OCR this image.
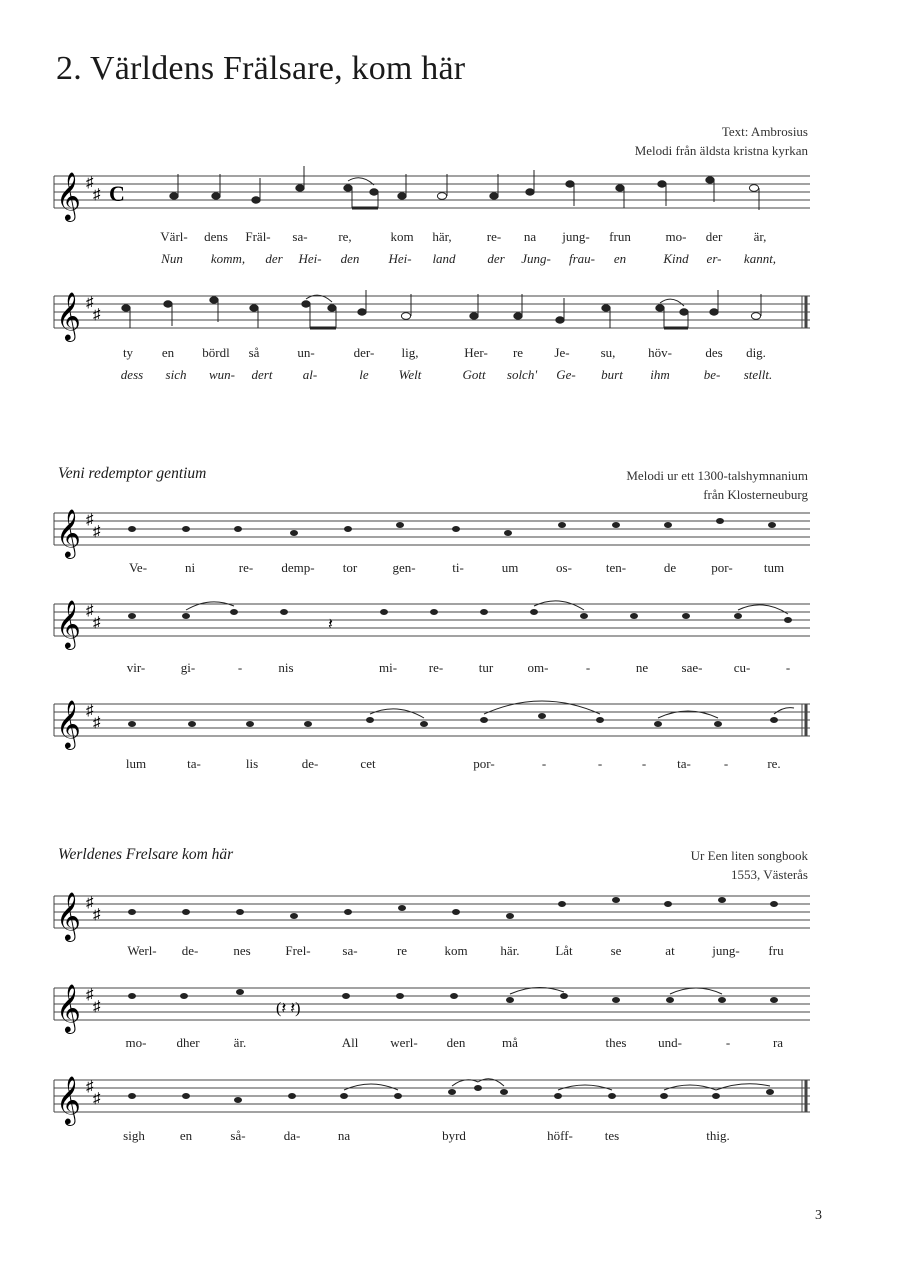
2. Världens Frälsare, kom här
Text: Ambrosius
Melodi från äldsta kristna kyrkan
𝄞 ♯
♯ C
Värl- dens Fräl- sa- re,	kom här,	re- na jung- frun	mo- der är,
Nun komm, der Hei- den Hei- land der Jung- frau- en	Kind er- kannt,
𝄞 ♯
♯
ty en bördl så	un-	der- lig,	Her- re Je- su,	höv-	des dig.
dess sich wun- dert al-	le Welt	Gott solch' Ge- burt ihm	be- stellt.
Veni redemptor gentium	Melodi ur ett 1300-talshymnanium
från Klosterneuburg
𝄞 ♯
♯
Ve-	ni	re- demp- tor	gen-	ti-	um	os-	ten-	de	por- tum
𝄞 ♯
♯	𝄽
vir-	gi-	-	nis	mi- re-	tur	om-	-	ne	sae- cu-	-
𝄞 ♯
♯
lum	ta-	lis	de-	cet	por-	-	-	- ta-	-	re.
Werldenes Frelsare kom här	Ur Een liten songbook
1553, Västerås
𝄞 ♯
♯
Werl- de-	nes	Frel- sa-	re	kom	här.	Låt	se	at	jung- fru
𝄞 ♯
♯	(𝄽 𝄽)
mo- dher	är.	All werl- den	må	thes und-	-	ra
𝄞 ♯
♯
sigh	en	så-	da-	na	byrd	höff- tes	thig.
3
